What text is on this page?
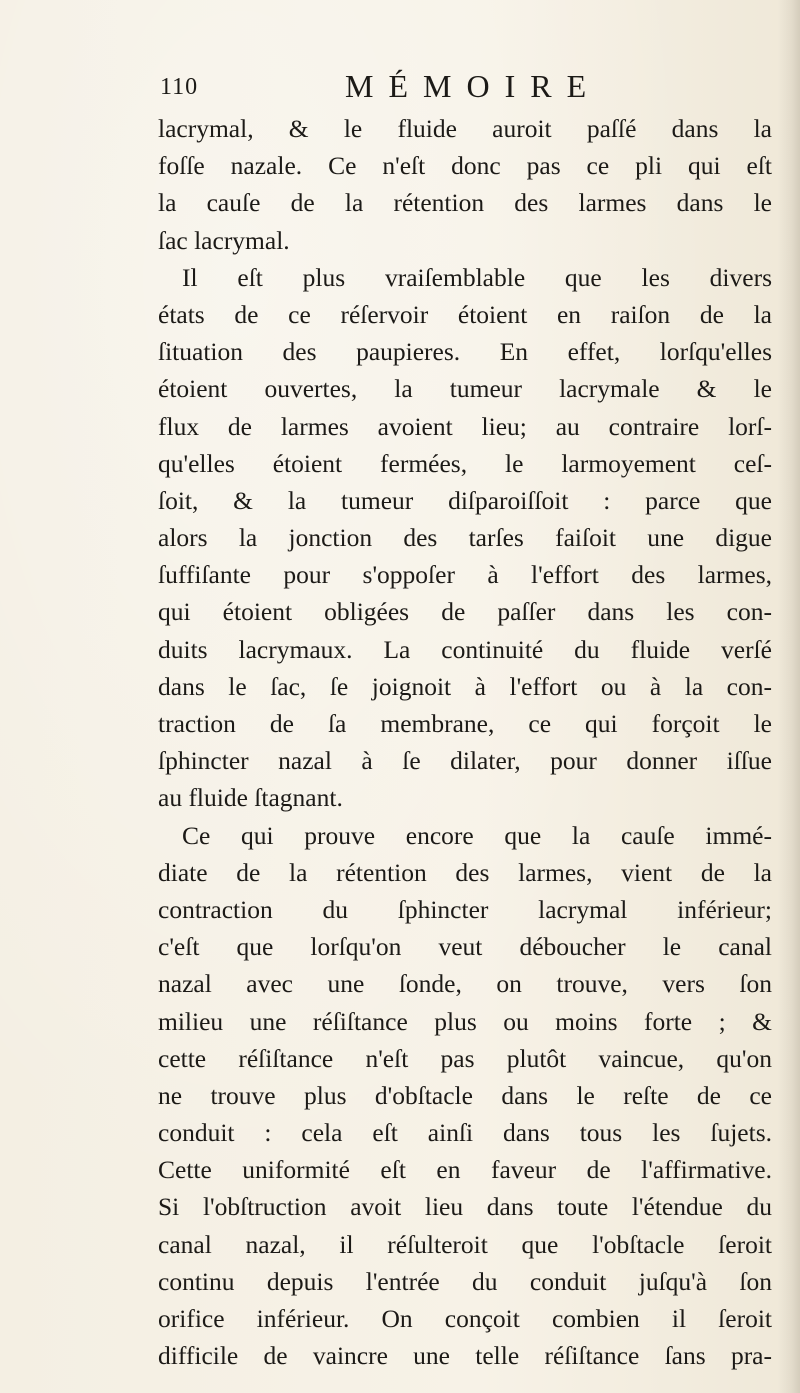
110	MÉMOIRE
lacrymal, & le fluide auroit paſſé dans la
foſſe nazale. Ce n'eſt donc pas ce pli qui eſt
la cauſe de la rétention des larmes dans le
ſac lacrymal.
Il eſt plus vraiſemblable que les divers
états de ce réſervoir étoient en raiſon de la
ſituation des paupieres. En effet, lorſqu'elles
étoient ouvertes, la tumeur lacrymale & le
flux de larmes avoient lieu; au contraire lorſ-
qu'elles étoient fermées, le larmoyement ceſ-
ſoit, & la tumeur diſparoiſſoit : parce que
alors la jonction des tarſes faiſoit une digue
ſuffiſante pour s'oppoſer à l'effort des larmes,
qui étoient obligées de paſſer dans les con-
duits lacrymaux. La continuité du fluide verſé
dans le ſac, ſe joignoit à l'effort ou à la con-
traction de ſa membrane, ce qui forçoit le
ſphincter nazal à ſe dilater, pour donner iſſue
au fluide ſtagnant.
Ce qui prouve encore que la cauſe immé-
diate de la rétention des larmes, vient de la
contraction du ſphincter lacrymal inférieur;
c'eſt que lorſqu'on veut déboucher le canal
nazal avec une ſonde, on trouve, vers ſon
milieu une réſiſtance plus ou moins forte ; &
cette réſiſtance n'eſt pas plutôt vaincue, qu'on
ne trouve plus d'obſtacle dans le reſte de ce
conduit : cela eſt ainſi dans tous les ſujets.
Cette uniformité eſt en faveur de l'affirmative.
Si l'obſtruction avoit lieu dans toute l'étendue du
canal nazal, il réſulteroit que l'obſtacle ſeroit
continu depuis l'entrée du conduit juſqu'à ſon
orifice inférieur. On conçoit combien il ſeroit
difficile de vaincre une telle réſiſtance ſans pra-
